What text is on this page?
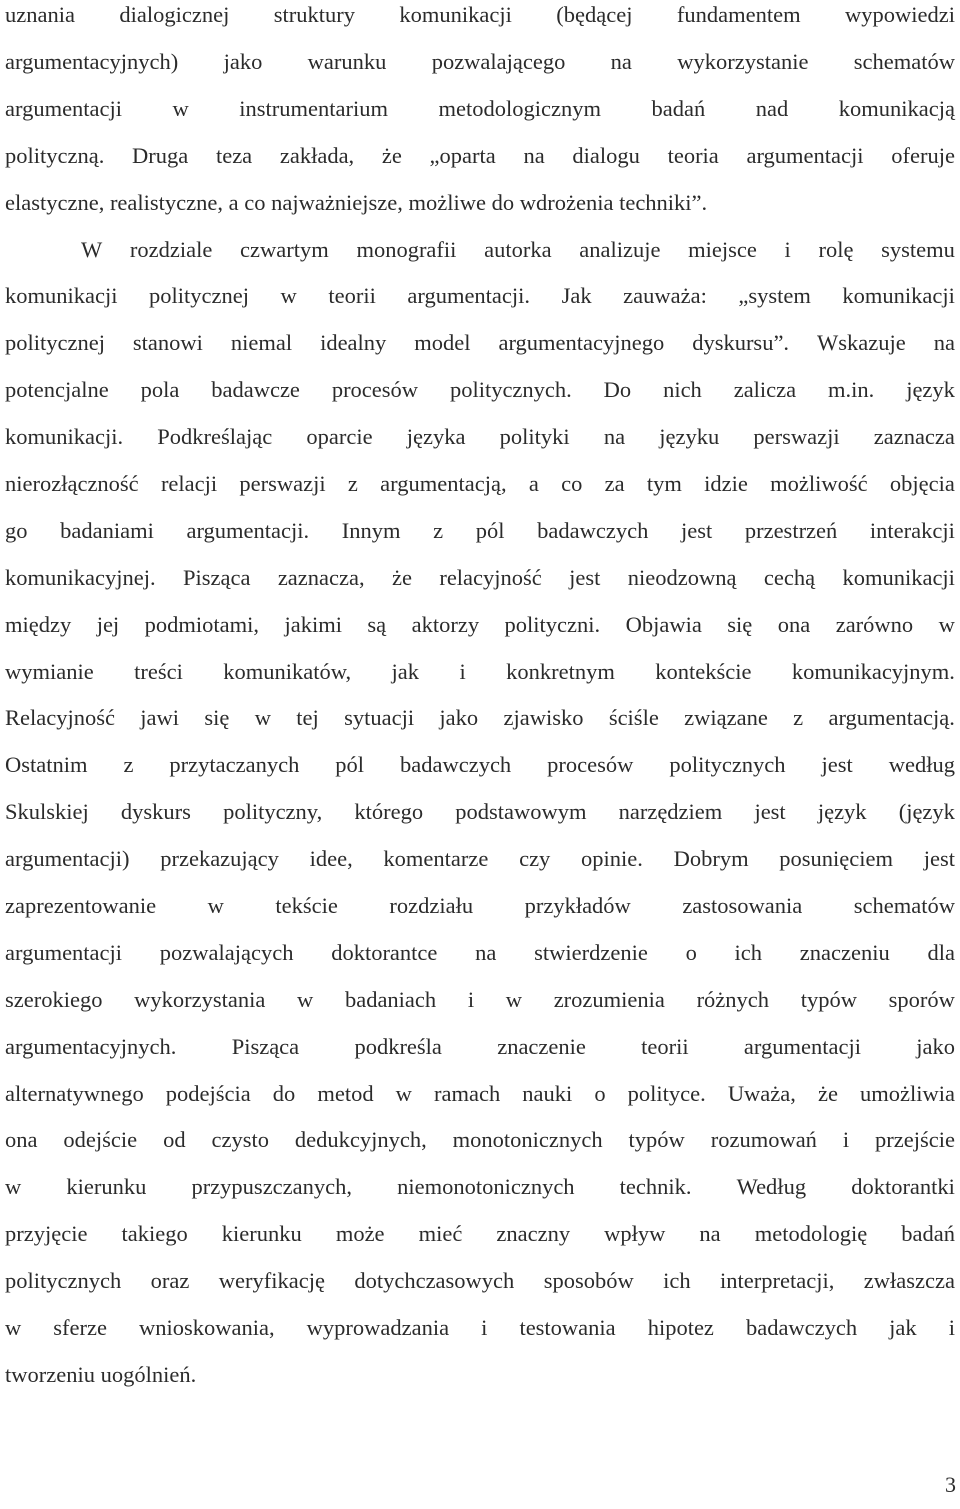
uznania dialogicznej struktury komunikacji (będącej fundamentem wypowiedzi
argumentacyjnych) jako warunku pozwalającego na wykorzystanie schematów
argumentacji w instrumentarium metodologicznym badań nad komunikacją
polityczną. Druga teza zakłada, że „oparta na dialogu teoria argumentacji oferuje
elastyczne, realistyczne, a co najważniejsze, możliwe do wdrożenia techniki”.
W rozdziale czwartym monografii autorka analizuje miejsce i rolę systemu
komunikacji politycznej w teorii argumentacji. Jak zauważa: „system komunikacji
politycznej stanowi niemal idealny model argumentacyjnego dyskursu”. Wskazuje na
potencjalne pola badawcze procesów politycznych. Do nich zalicza m.in. język
komunikacji. Podkreślając oparcie języka polityki na języku perswazji zaznacza
nierozłączność relacji perswazji z argumentacją, a co za tym idzie możliwość objęcia
go badaniami argumentacji. Innym z pól badawczych jest przestrzeń interakcji
komunikacyjnej. Pisząca zaznacza, że relacyjność jest nieodzowną cechą komunikacji
między jej podmiotami, jakimi są aktorzy polityczni. Objawia się ona zarówno w
wymianie treści komunikatów, jak i konkretnym kontekście komunikacyjnym.
Relacyjność jawi się w tej sytuacji jako zjawisko ściśle związane z argumentacją.
Ostatnim z przytaczanych pól badawczych procesów politycznych jest według
Skulskiej dyskurs polityczny, którego podstawowym narzędziem jest język (język
argumentacji) przekazujący idee, komentarze czy opinie. Dobrym posunięciem jest
zaprezentowanie w tekście rozdziału przykładów zastosowania schematów
argumentacji pozwalających doktorantce na stwierdzenie o ich znaczeniu dla
szerokiego wykorzystania w badaniach i w zrozumienia różnych typów sporów
argumentacyjnych. Pisząca podkreśla znaczenie teorii argumentacji jako
alternatywnego podejścia do metod w ramach nauki o polityce. Uważa, że umożliwia
ona odejście od czysto dedukcyjnych, monotonicznych typów rozumowań i przejście
w kierunku przypuszczanych, niemonotonicznych technik. Według doktorantki
przyjęcie takiego kierunku może mieć znaczny wpływ na metodologię badań
politycznych oraz weryfikację dotychczasowych sposobów ich interpretacji, zwłaszcza
w sferze wnioskowania, wyprowadzania i testowania hipotez badawczych jak i
tworzeniu uogólnień.
3
